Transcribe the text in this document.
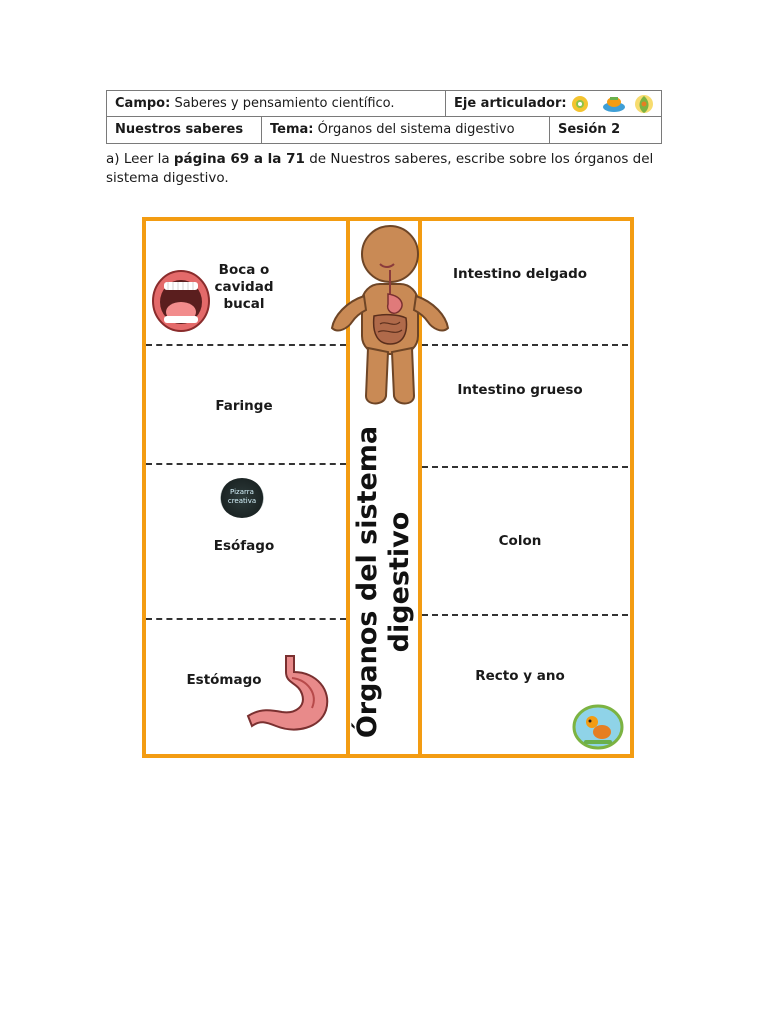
Campo: Saberes y pensamiento científico.	Eje articulador:
Nuestros saberes	Tema: Órganos del sistema digestivo	Sesión 2
a) Leer la página 69 a la 71 de Nuestros saberes, escribe sobre los órganos del sistema digestivo.
Boca o cavidad bucal
Faringe
Esófago
Estómago
Intestino delgado
Intestino grueso
Colon
Recto y ano
Órganos del sistema digestivo
Pizarra creativa
